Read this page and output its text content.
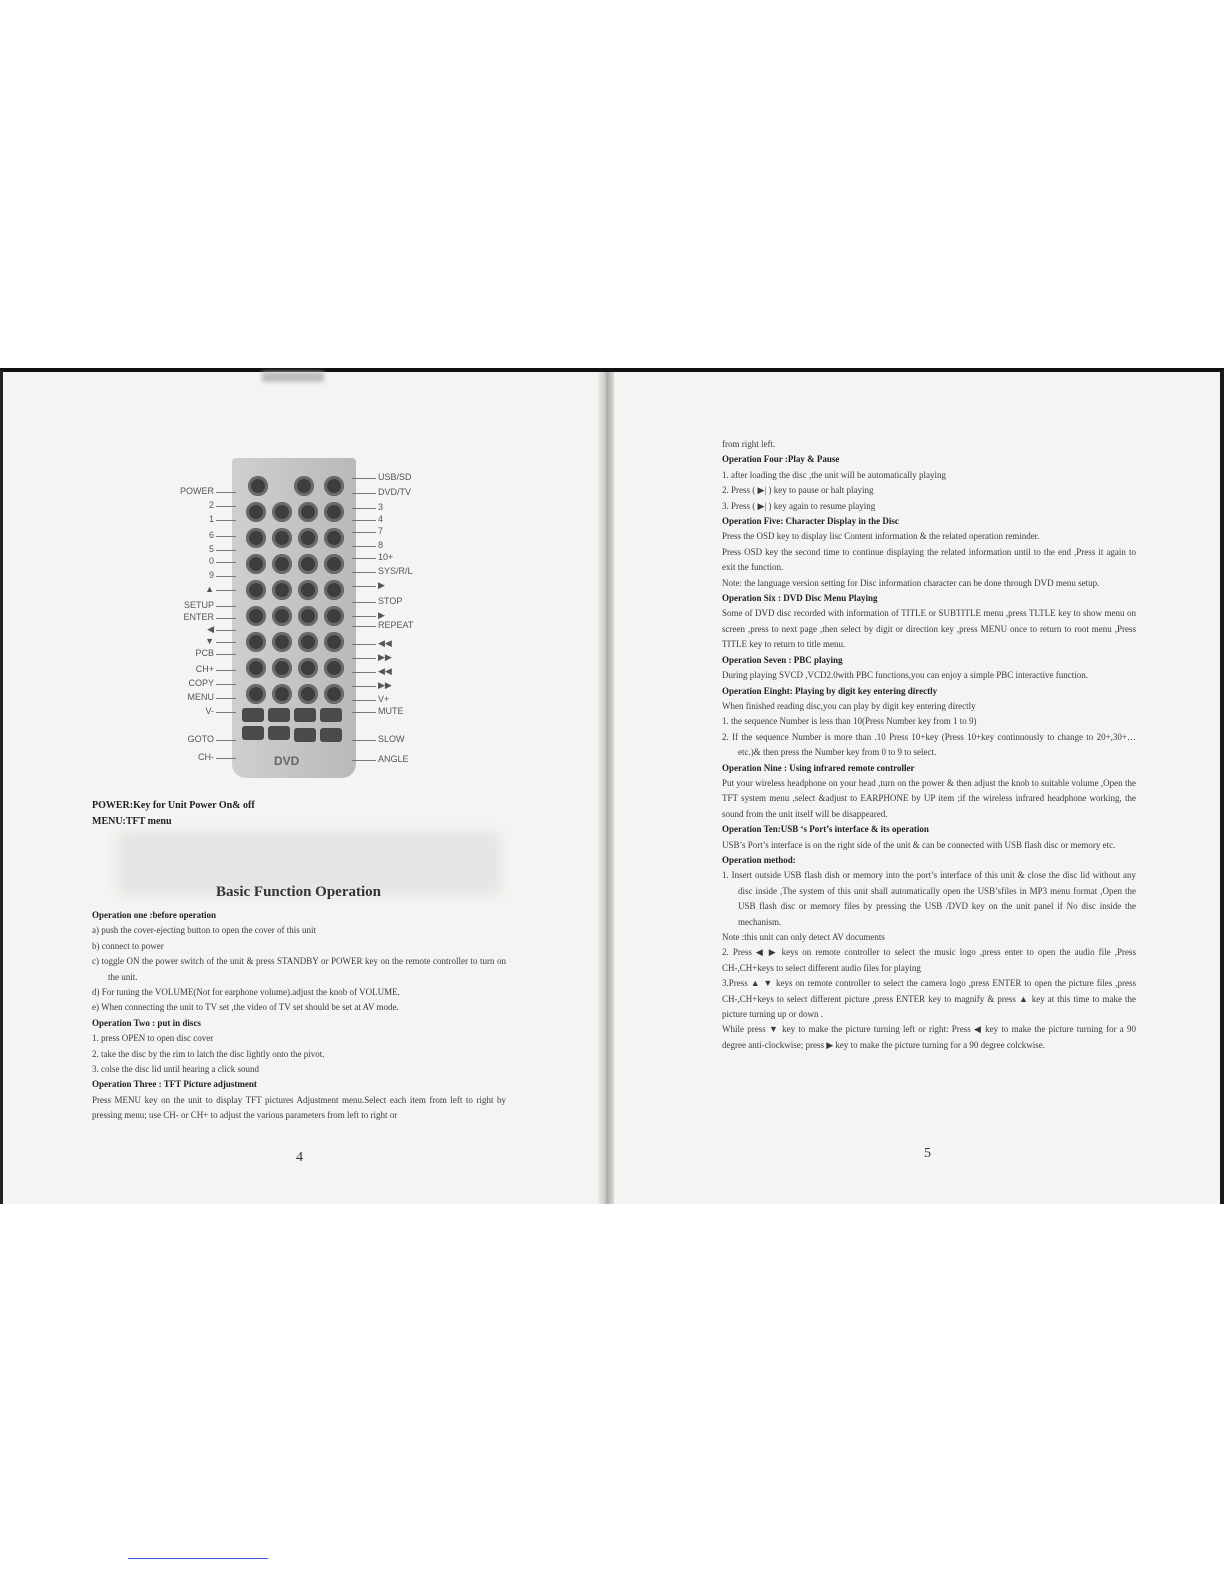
DVD
POWER
2
1
6
5
0
9
▲
SETUP
ENTER
◀
▼
PCB
CH+
COPY
MENU
V-
GOTO
CH-
USB/SD
DVD/TV
3
4
7
8
10+
SYS/R/L
▶
STOP
▶
REPEAT
◀◀
▶▶
◀◀
▶▶
V+
MUTE
SLOW
ANGLE
POWER:Key for Unit Power On& off
MENU:TFT menu
Basic Function Operation

Operation one :before operation

a) push the cover-ejecting button to open the cover of this unit

b) connect to power

c) toggle ON the power switch of the unit & press STANDBY or POWER key on the remote controller to turn on the unit.

d) For tuning the VOLUME(Not for earphone volume).adjust the knob of VOLUME.

e) When connecting the unit to TV set ,the video of TV set should be set at AV mode.

Operation Two : put in discs

1. press OPEN to open disc cover

2. take the disc by the rim to latch the disc lightly onto the pivot.

3. colse the disc lid until hearing a click sound

Operation Three : TFT Picture adjustment

Press MENU key on the unit to display TFT pictures Adjustment menu.Select each item from left to right by pressing menu; use CH- or CH+ to adjust the various parameters from left to right or

4

from right left.

Operation Four :Play & Pause

1. after loading the disc ,the unit will be automatically playing

2. Press ( ▶| ) key to pause or halt playing

3. Press ( ▶| ) key again to resume playing

Operation Five: Character Display in the Disc

Press the OSD key to display lisc Content information & the related operation reminder.

Press OSD key the second time to continue displaying the related information until to the end ,Press it again to exit the function.

Note: the language version setting for Disc information character can be done through DVD menu setup.

Operation Six : DVD Disc Menu Playing

Some of DVD disc recorded with information of TITLE or SUBTITLE menu ,press TLTLE key to show menu on screen ,press to next page ,then select by digit or direction key ,press MENU once to return to root menu ,Press TITLE key to return to title menu.

Operation Seven : PBC playing

During playing SVCD ,VCD2.0with PBC functions,you can enjoy a simple PBC interactive function.

Operation Einght: Playing by digit key entering directly

When finished reading disc,you can play by digit key entering directly

1. the sequence Number is less than 10(Press Number key from 1 to 9)

2. If the sequence Number is more than .10 Press 10+key (Press 10+key continuously to change to 20+,30+… etc.)& then press the Number key from 0 to 9 to select.

Operation Nine : Using infrared remote controller

Put your wireless headphone on your head ,turn on the power & then adjust the knob to suitable volume ,Open the TFT system menu ,select &adjust to EARPHONE by UP item ;if the wireless infrared headphone working, the sound from the unit itself will be disappeared.

Operation Ten:USB ‘s Port’s interface & its operation

USB’s Port’s interface is on the right side of the unit & can be connected with USB flash disc or memory etc.

Operation method:

1. Insert outside USB flash dish or memory into the port’s interface of this unit & close the disc lid without any disc inside ,The system of this unit shall automatically open the USB’sfiles in MP3 menu format ,Open the USB flash disc or memory files by pressing the USB /DVD key on the unit panel if No disc inside the mechanism.

Note :this unit can only detect AV documents

2. Press ◀ ▶ keys on remote controller to select the music logo ,press enter to open the audio file ,Press CH-,CH+keys to select different audio files for playing

3.Press ▲ ▼ keys on remote controller to select the camera logo ,press ENTER to open the picture files ,press CH-,CH+keys to select different picture ,press ENTER key to magnify & press ▲ key at this time to make the picture turning up or down .

While press ▼ key to make the picture turning left or right: Press ◀ key to make the picture turning for a 90 degree anti-clockwise; press ▶ key to make the picture turning for a 90 degree colckwise.

5
